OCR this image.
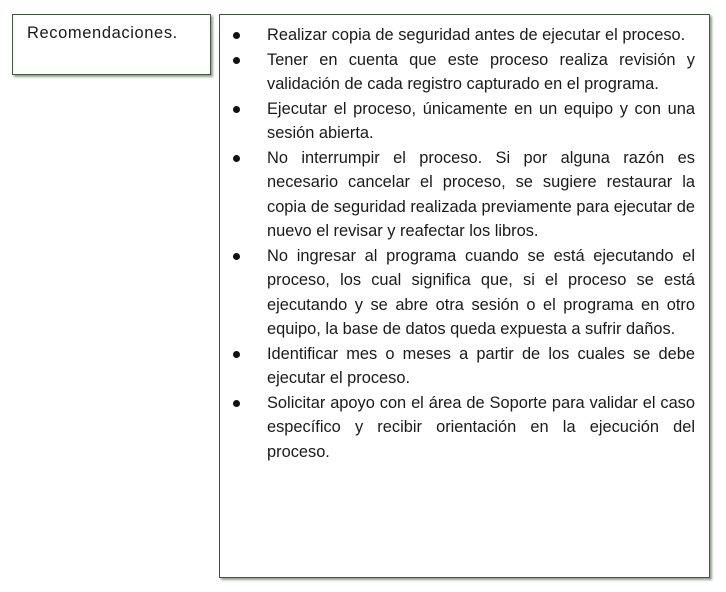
Recomendaciones.	Realizar copia de seguridad antes de ejecutar el proceso.
Tener en cuenta que este proceso realiza revisión y validación de cada registro capturado en el programa.
Ejecutar el proceso, únicamente en un equipo y con una sesión abierta.
No interrumpir el proceso. Si por alguna razón es necesario cancelar el proceso, se sugiere restaurar la copia de seguridad realizada previamente para ejecutar de nuevo el revisar y reafectar los libros.
No ingresar al programa cuando se está ejecutando el proceso, los cual significa que, si el proceso se está ejecutando y se abre otra sesión o el programa en otro equipo, la base de datos queda expuesta a sufrir daños.
Identificar mes o meses a partir de los cuales se debe ejecutar el proceso.
Solicitar apoyo con el área de Soporte para validar el caso específico y recibir orientación en la ejecución del proceso.
